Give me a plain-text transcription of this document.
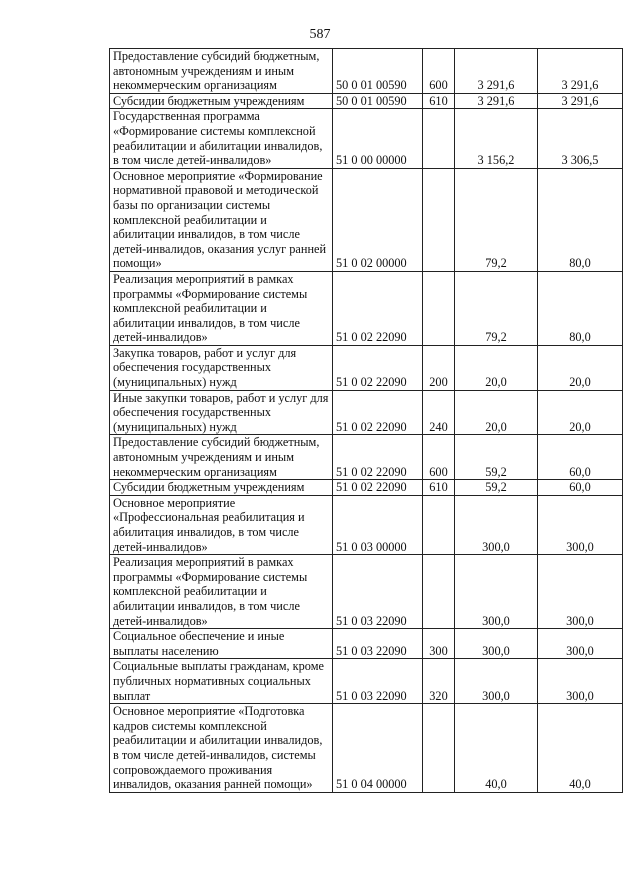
587
Предоставление субсидий бюджетным, автономным учреждениям и иным некоммерческим организациям	50 0 01 00590	600	3 291,6	3 291,6
Субсидии бюджетным учреждениям	50 0 01 00590	610	3 291,6	3 291,6
Государственная программа «Формирование системы комплексной реабилитации и абилитации инвалидов, в том числе детей-инвалидов»	51 0 00 00000		3 156,2	3 306,5
Основное мероприятие «Формирование нормативной правовой и методической базы по организации системы комплексной реабилитации и абилитации инвалидов, в том числе детей-инвалидов, оказания услуг ранней помощи»	51 0 02 00000		79,2	80,0
Реализация мероприятий в рамках программы «Формирование системы комплексной реабилитации и абилитации инвалидов, в том числе детей-инвалидов»	51 0 02 22090		79,2	80,0
Закупка товаров, работ и услуг для обеспечения государственных (муниципальных) нужд	51 0 02 22090	200	20,0	20,0
Иные закупки товаров, работ и услуг для обеспечения государственных (муниципальных) нужд	51 0 02 22090	240	20,0	20,0
Предоставление субсидий бюджетным, автономным учреждениям и иным некоммерческим организациям	51 0 02 22090	600	59,2	60,0
Субсидии бюджетным учреждениям	51 0 02 22090	610	59,2	60,0
Основное мероприятие «Профессиональная реабилитация и абилитация инвалидов, в том числе детей-инвалидов»	51 0 03 00000		300,0	300,0
Реализация мероприятий в рамках программы «Формирование системы комплексной реабилитации и абилитации инвалидов, в том числе детей-инвалидов»	51 0 03 22090		300,0	300,0
Социальное обеспечение и иные выплаты населению	51 0 03 22090	300	300,0	300,0
Социальные выплаты гражданам, кроме публичных нормативных социальных выплат	51 0 03 22090	320	300,0	300,0
Основное мероприятие «Подготовка кадров системы комплексной реабилитации и абилитации инвалидов, в том числе детей-инвалидов, системы сопровождаемого проживания инвалидов, оказания ранней помощи»	51 0 04 00000		40,0	40,0
